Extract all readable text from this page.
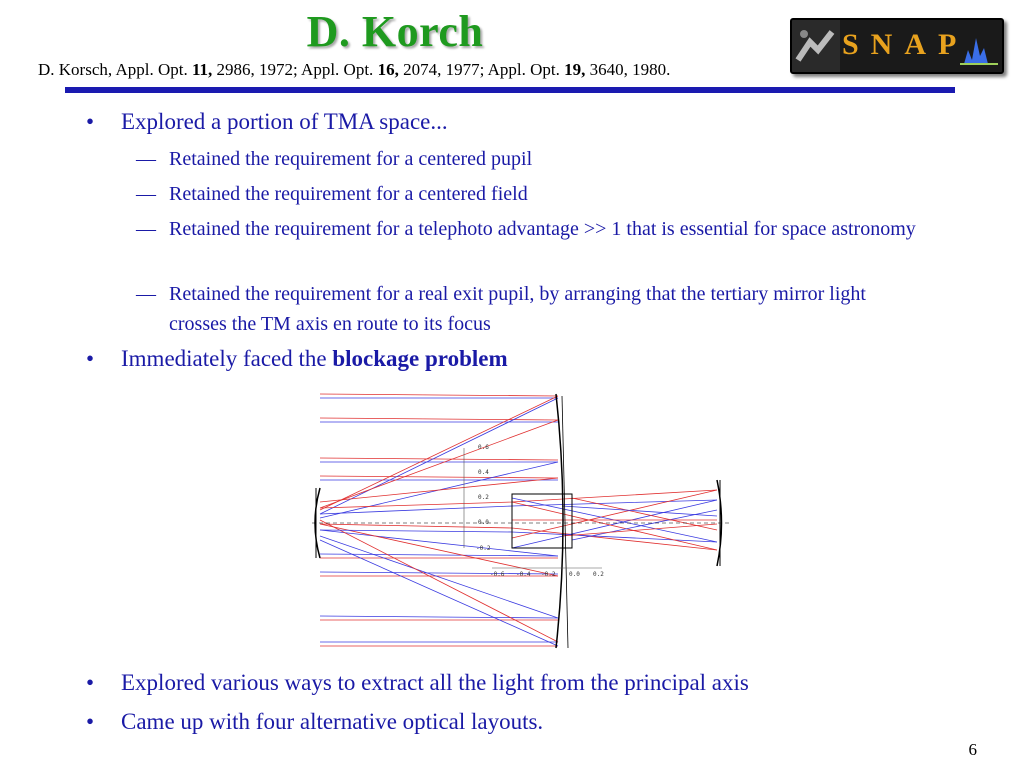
D. Korch
D. Korsch, Appl. Opt. 11, 2986, 1972; Appl. Opt. 16, 2074, 1977; Appl. Opt. 19, 3640, 1980.
SNAP
• Explored a portion of TMA space...
— Retained the requirement for a centered pupil
— Retained the requirement for a centered field
— Retained the requirement for a telephoto advantage >> 1 that is essential for space astronomy
— Retained the requirement for a real exit pupil, by arranging that the tertiary mirror light crosses the TM axis en route to its focus
• Immediately faced the blockage problem
0.6
0.4
0.2
0.0
-0.2
-0.6 -0.4 -0.2 0.0 0.2
• Explored various ways to extract all the light from the principal axis
• Came up with four alternative optical layouts.
6
